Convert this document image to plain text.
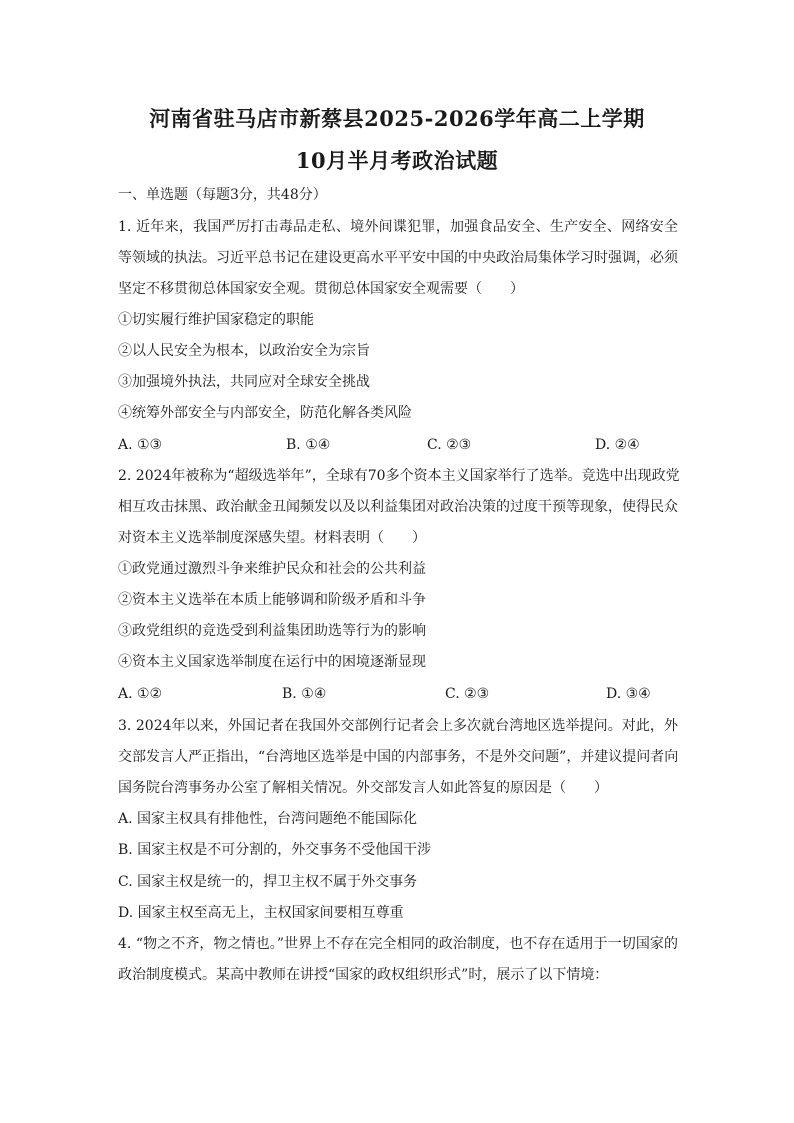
河南省驻马店市新蔡县2025-2026学年高二上学期
10月半月考政治试题
一、单选题（每题3分，共48分）
1. 近年来，我国严厉打击毒品走私、境外间谍犯罪，加强食品安全、生产安全、网络安全
等领域的执法。习近平总书记在建设更高水平平安中国的中央政治局集体学习时强调，必须
坚定不移贯彻总体国家安全观。贯彻总体国家安全观需要（　　）
①切实履行维护国家稳定的职能
②以人民安全为根本，以政治安全为宗旨
③加强境外执法，共同应对全球安全挑战
④统筹外部安全与内部安全，防范化解各类风险
A. ①③	B. ①④	C. ②③	D. ②④
2. 2024年被称为“超级选举年”，全球有70多个资本主义国家举行了选举。竞选中出现政党
相互攻击抹黑、政治献金丑闻频发以及以利益集团对政治决策的过度干预等现象，使得民众
对资本主义选举制度深感失望。材料表明（　　）
①政党通过激烈斗争来维护民众和社会的公共利益
②资本主义选举在本质上能够调和阶级矛盾和斗争
③政党组织的竞选受到利益集团助选等行为的影响
④资本主义国家选举制度在运行中的困境逐渐显现
A. ①②	B. ①④	C. ②③	D. ③④
3. 2024年以来，外国记者在我国外交部例行记者会上多次就台湾地区选举提问。对此，外
交部发言人严正指出，“台湾地区选举是中国的内部事务，不是外交问题”，并建议提问者向
国务院台湾事务办公室了解相关情况。外交部发言人如此答复的原因是（　　）
A. 国家主权具有排他性，台湾问题绝不能国际化
B. 国家主权是不可分割的，外交事务不受他国干涉
C. 国家主权是统一的，捍卫主权不属于外交事务
D. 国家主权至高无上，主权国家间要相互尊重
4. “物之不齐，物之情也。”世界上不存在完全相同的政治制度，也不存在适用于一切国家的
政治制度模式。某高中教师在讲授“国家的政权组织形式”时，展示了以下情境：
